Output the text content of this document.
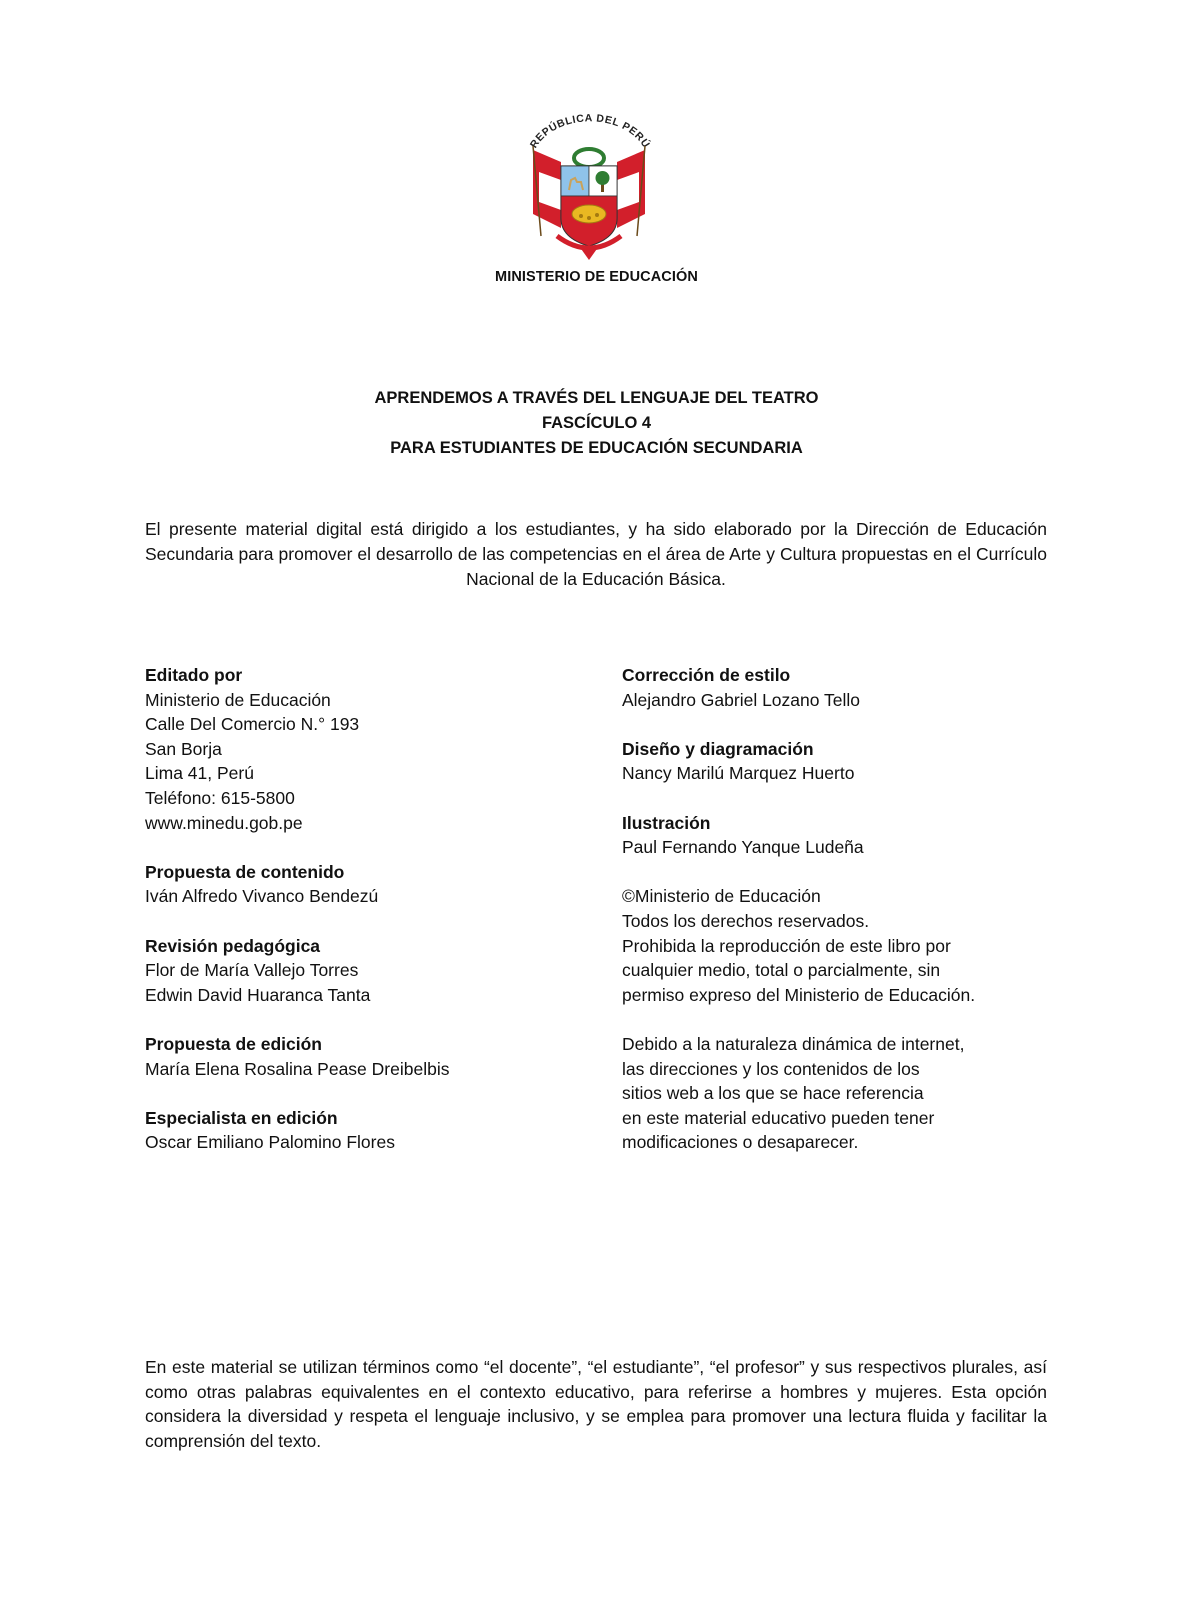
REPÚBLICA DEL PERÚ
MINISTERIO DE EDUCACIÓN
APRENDEMOS A TRAVÉS DEL LENGUAJE DEL TEATRO
FASCÍCULO 4
PARA ESTUDIANTES DE EDUCACIÓN SECUNDARIA
El presente material digital está dirigido a los estudiantes, y ha sido elaborado por la Dirección de Educación Secundaria para promover el desarrollo de las competencias en el área de Arte y Cultura propuestas en el Currículo Nacional de la Educación Básica.
Editado por
Ministerio de Educación
Calle Del Comercio N.° 193
San Borja
Lima 41, Perú
Teléfono: 615-5800
www.minedu.gob.pe
Propuesta de contenido
Iván Alfredo Vivanco Bendezú
Revisión pedagógica
Flor de María Vallejo Torres
Edwin David Huaranca Tanta
Propuesta de edición
María Elena Rosalina Pease Dreibelbis
Especialista en edición
Oscar Emiliano Palomino Flores
Corrección de estilo
Alejandro Gabriel Lozano Tello
Diseño y diagramación
Nancy Marilú Marquez Huerto
Ilustración
Paul Fernando Yanque Ludeña
©Ministerio de Educación
Todos los derechos reservados.
Prohibida la reproducción de este libro por
cualquier medio, total o parcialmente, sin
permiso expreso del Ministerio de Educación.
Debido a la naturaleza dinámica de internet,
las direcciones y los contenidos de los
sitios web a los que se hace referencia
en este material educativo pueden tener
modificaciones o desaparecer.
En este material se utilizan términos como “el docente”, “el estudiante”, “el profesor” y sus respectivos plurales, así como otras palabras equivalentes en el contexto educativo, para referirse a hombres y mujeres. Esta opción considera la diversidad y respeta el lenguaje inclusivo, y se emplea para promover una lectura fluida y facilitar la comprensión del texto.
